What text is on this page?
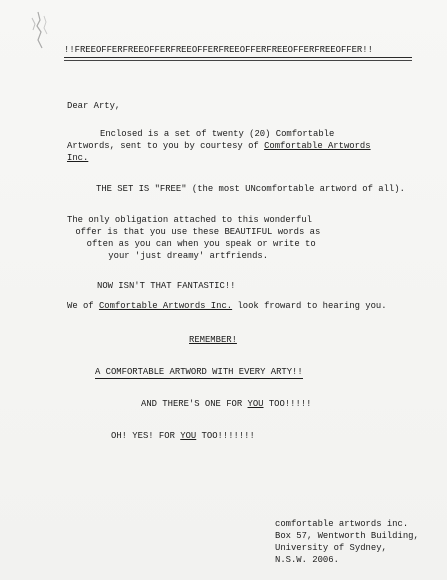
!!FREEOFFERFREEOFFERFREEOFFERFREEOFFERFREEOFFERFREEOFFER!!
Dear Arty,
Enclosed is a set of twenty (20) Comfortable
Artwords, sent to you by courtesy of Comfortable Artwords
Inc.
THE SET IS "FREE" (the most UNcomfortable artword of all).
The only obligation attached to this wonderful
offer is that you use these BEAUTIFUL words as
often as you can when you speak or write to
your 'just dreamy' artfriends.
NOW ISN'T THAT FANTASTIC!!
We of Comfortable Artwords Inc. look froward to hearing you.
REMEMBER!
A COMFORTABLE ARTWORD WITH EVERY ARTY!!
AND THERE'S ONE FOR YOU TOO!!!!!
OH! YES! FOR YOU TOO!!!!!!!
comfortable artwords inc.
Box 57, Wentworth Building,
University of Sydney,
N.S.W. 2006.
